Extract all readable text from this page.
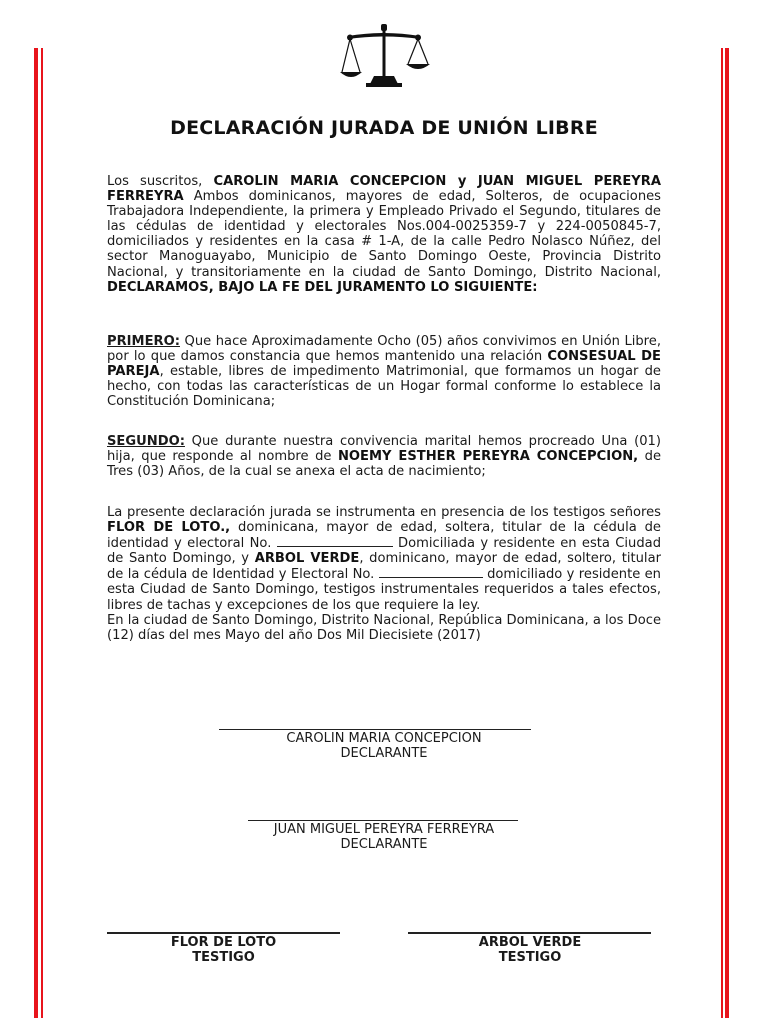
DECLARACIÓN JURADA DE UNIÓN LIBRE
Los suscritos, CAROLIN MARIA CONCEPCION y JUAN MIGUEL PEREYRA FERREYRA Ambos dominicanos, mayores de edad, Solteros, de ocupaciones Trabajadora Independiente, la primera y Empleado Privado el Segundo, titulares de las cédulas de identidad y electorales Nos.004-0025359-7 y 224-0050845-7, domiciliados y residentes en la casa # 1-A, de la calle Pedro Nolasco Núñez, del sector Manoguayabo, Municipio de Santo Domingo Oeste, Provincia Distrito Nacional, y transitoriamente en la ciudad de Santo Domingo, Distrito Nacional, DECLARAMOS, BAJO LA FE DEL JURAMENTO LO SIGUIENTE:
PRIMERO: Que hace Aproximadamente Ocho (05) años convivimos en Unión Libre, por lo que damos constancia que hemos mantenido una relación CONSESUAL DE PAREJA, estable, libres de impedimento Matrimonial, que formamos un hogar de hecho, con todas las características de un Hogar formal conforme lo establece la Constitución Dominicana;
SEGUNDO: Que durante nuestra convivencia marital hemos procreado Una (01) hija, que responde al nombre de NOEMY ESTHER PEREYRA CONCEPCION, de Tres (03) Años, de la cual se anexa el acta de nacimiento;
La presente declaración jurada se instrumenta en presencia de los testigos señores FLOR DE LOTO., dominicana, mayor de edad, soltera, titular de la cédula de identidad y electoral No.	Domiciliada y residente en esta Ciudad de Santo Domingo, y ARBOL VERDE, dominicano, mayor de edad, soltero, titular de la cédula de Identidad y Electoral No.	domiciliado y residente en esta Ciudad de Santo Domingo, testigos instrumentales requeridos a tales efectos, libres de tachas y excepciones de los que requiere la ley.
En la ciudad de Santo Domingo, Distrito Nacional, República Dominicana, a los Doce (12) días del mes Mayo del año Dos Mil Diecisiete (2017)
CAROLIN MARIA CONCEPCION
DECLARANTE
JUAN MIGUEL PEREYRA FERREYRA
DECLARANTE
FLOR DE LOTO
TESTIGO
ARBOL VERDE
TESTIGO
